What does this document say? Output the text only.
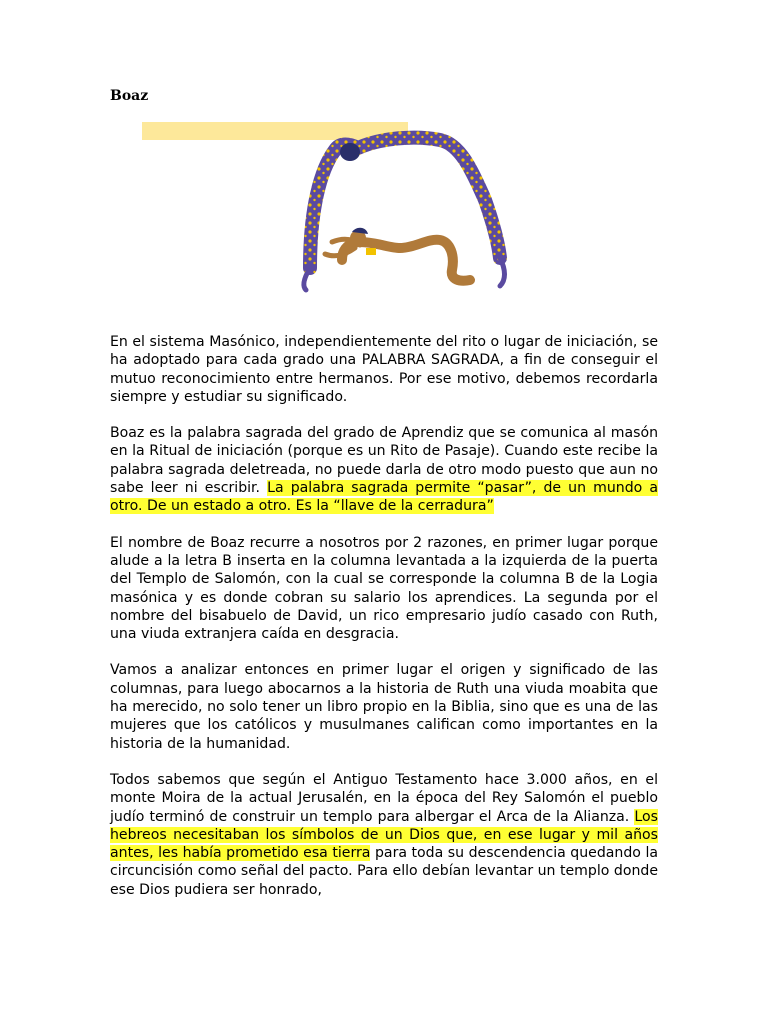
Boaz

En el sistema Masónico, independientemente del rito o lugar de iniciación, se ha adoptado para cada grado una PALABRA SAGRADA, a fin de conseguir el mutuo reconocimiento entre hermanos. Por ese motivo, debemos recordarla siempre y estudiar su significado.

Boaz es la palabra sagrada del grado de Aprendiz que se comunica al masón en la Ritual de iniciación (porque es un Rito de Pasaje). Cuando este recibe la palabra sagrada deletreada, no puede darla de otro modo puesto que aun no sabe leer ni escribir. La palabra sagrada permite “pasar”, de un mundo a otro. De un estado a otro. Es la “llave de la cerradura”

El nombre de Boaz recurre a nosotros por 2 razones, en primer lugar porque alude a la letra B inserta en la columna levantada a la izquierda de la puerta del Templo de Salomón, con la cual se corresponde la columna B de la Logia masónica y es donde cobran su salario los aprendices. La segunda por el nombre del bisabuelo de David, un rico empresario judío casado con Ruth, una viuda extranjera caída en desgracia.

Vamos a analizar entonces en primer lugar el origen y significado de las columnas, para luego abocarnos a la historia de Ruth una viuda moabita que ha merecido, no solo tener un libro propio en la Biblia, sino que es una de las mujeres que los católicos y musulmanes califican como importantes en la historia de la humanidad.

Todos sabemos que según el Antiguo Testamento hace 3.000 años, en el monte Moira de la actual Jerusalén, en la época del Rey Salomón el pueblo judío terminó de construir un templo para albergar el Arca de la Alianza. Los hebreos necesitaban los símbolos de un Dios que, en ese lugar y mil años antes, les había prometido esa tierra para toda su descendencia quedando la circuncisión como señal del pacto. Para ello debían levantar un templo donde ese Dios pudiera ser honrado,
